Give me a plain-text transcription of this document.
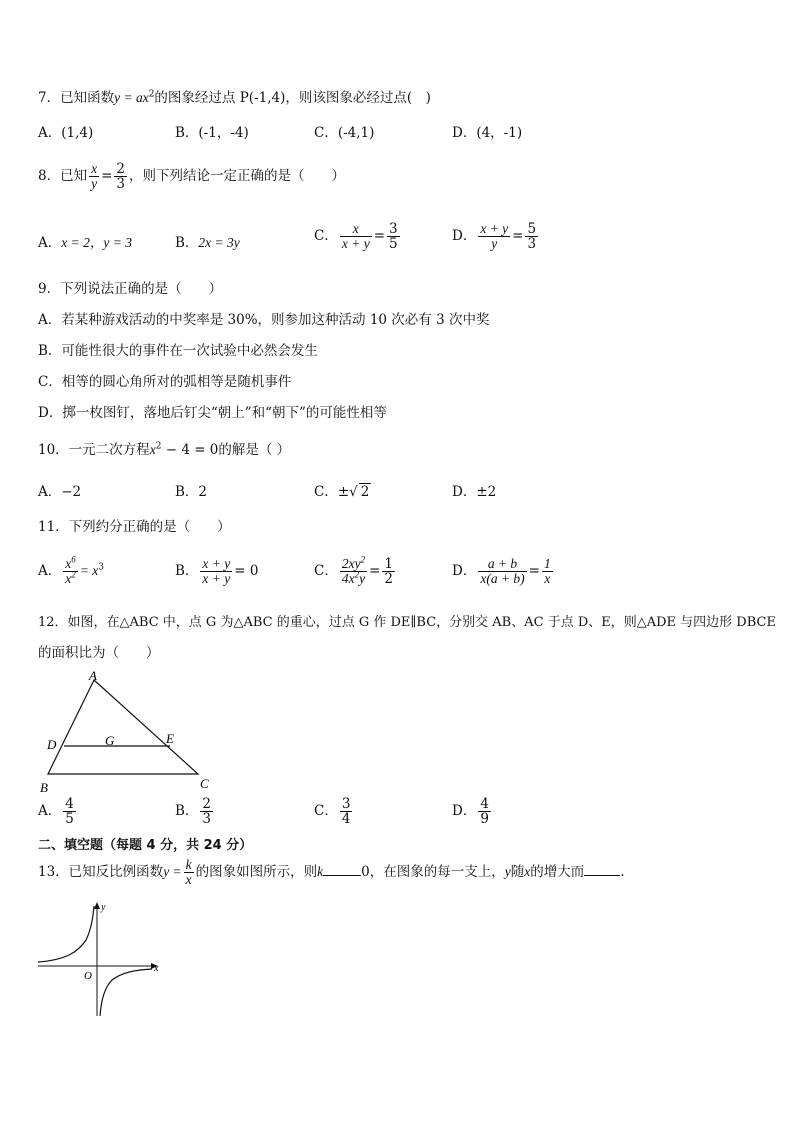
7．已知函数$y = ax^2$的图象经过点 P(-1,4)，则该图象必经过点(　)
A．(1,4)	B．(-1，-4)	C．(-4,1)	D．(4，-1)
8．已知 $\frac{x}{y} = \frac{2}{3}$ ，则下列结论一定正确的是（　　）
A．x = 2，y = 3	B．2x = 3y	C． $\frac{x}{x + y} = \frac{3}{5}$	D． $\frac{x + y}{y} = \frac{5}{3}$
9．下列说法正确的是（　　）
A．若某种游戏活动的中奖率是 30%，则参加这种活动 10 次必有 3 次中奖
B．可能性很大的事件在一次试验中必然会发生
C．相等的圆心角所对的弧相等是随机事件
D．掷一枚图钉，落地后钉尖“朝上”和“朝下”的可能性相等
10．一元二次方程$x^2 - 4 = 0$的解是（ ）
A．−2	B．2	C．±√ 2	D．±2
11．下列约分正确的是（　　）
A． $\frac{x^6}{x^2} = x^3$	B． $\frac{x + y}{x + y} = 0$	C． $\frac{2xy^2}{4x^2y} = \frac{1}{2}$	D． $\frac{a + b}{x(a + b)} = \frac{1}{x}$
12．如图，在△ABC 中，点 G 为△ABC 的重心，过点 G 作 DE∥BC，分别交 AB、AC 于点 D、E，则△ADE 与四边形 DBCE
的面积比为（　　）
A
B	C
D	E
G
A． $\frac{4}{5}$	B． $\frac{2}{3}$	C． $\frac{3}{4}$	D． $\frac{4}{9}$
二、填空题（每题 4 分，共 24 分）
13．已知反比例函数$y = \frac{k}{x}$ 的图象如图所示，则k	0，在图象的每一支上，y随x的增大而	.
y
x
O
